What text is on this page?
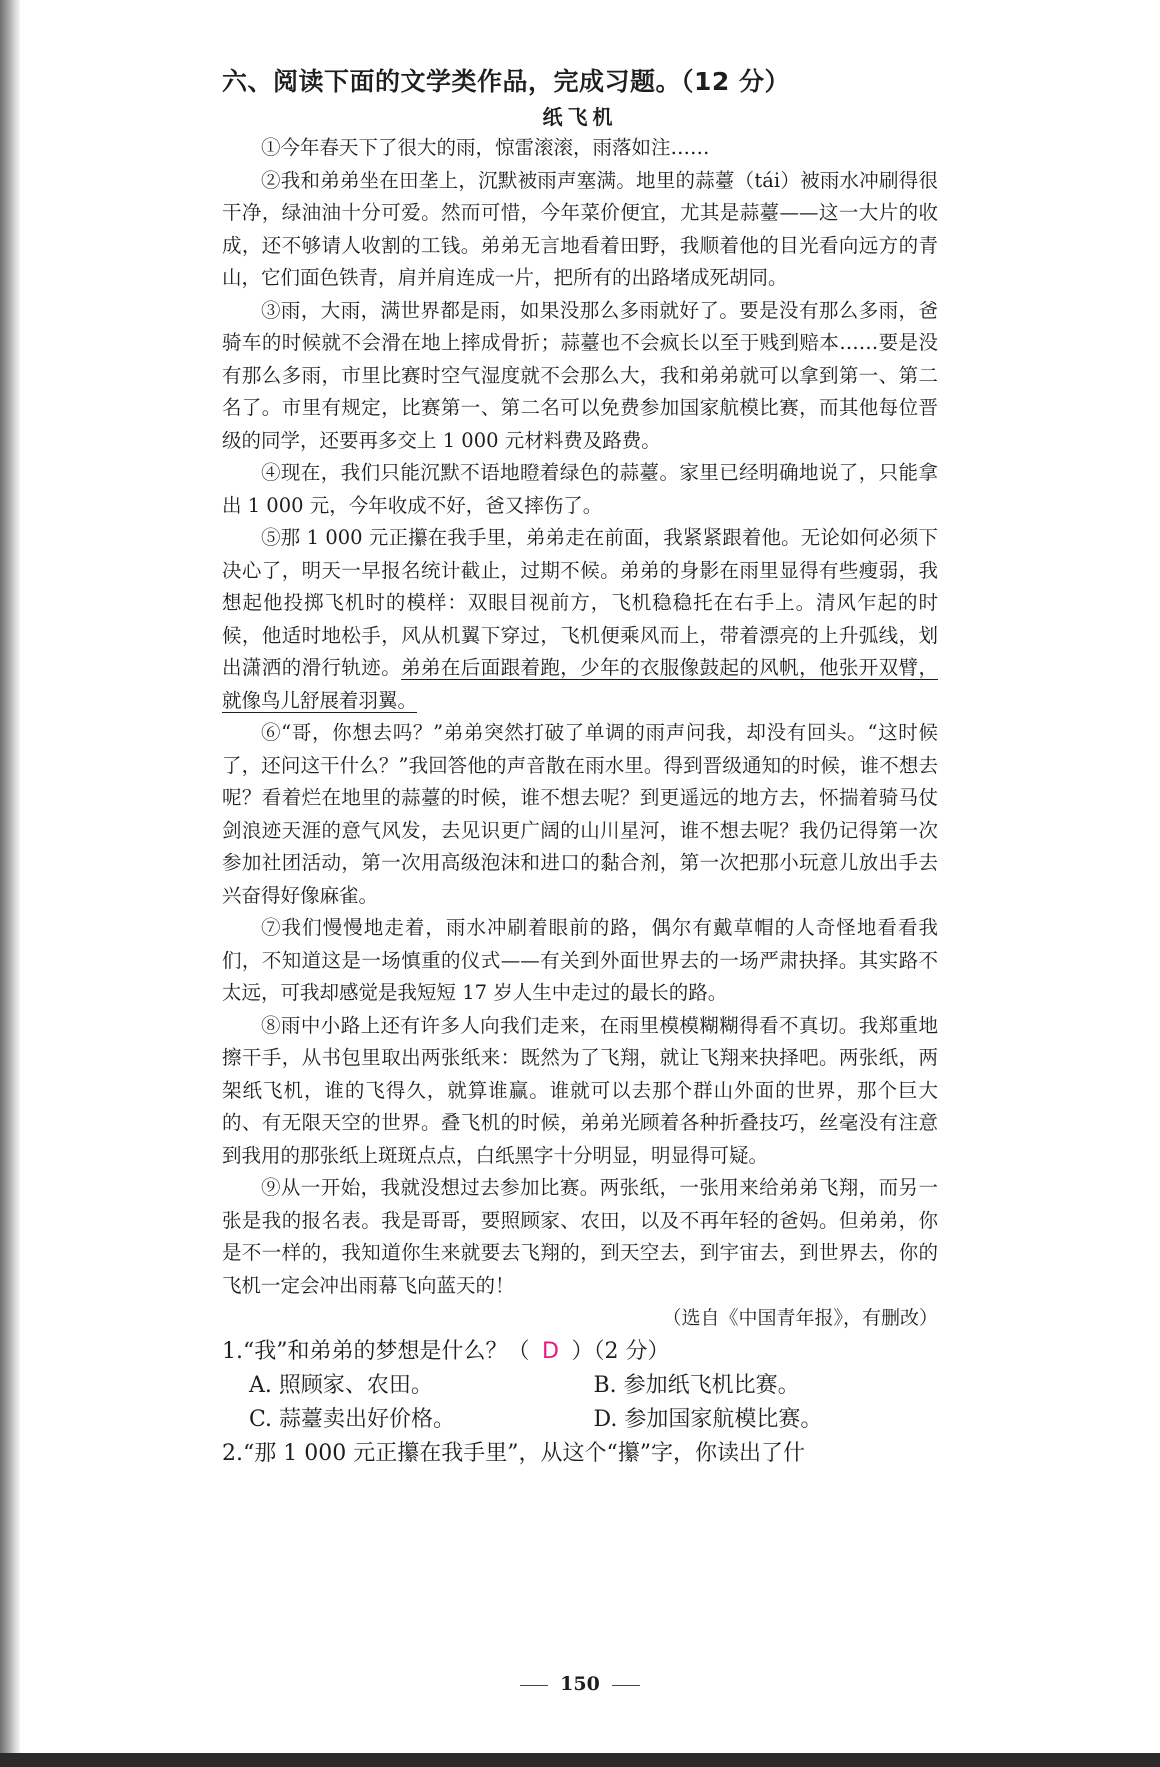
六、阅读下面的文学类作品，完成习题。（12 分）
纸飞机

①今年春天下了很大的雨，惊雷滚滚，雨落如注……

②我和弟弟坐在田垄上，沉默被雨声塞满。地里的蒜薹（tái）被雨水冲刷得很干净，绿油油十分可爱。然而可惜，今年菜价便宜，尤其是蒜薹——这一大片的收成，还不够请人收割的工钱。弟弟无言地看着田野，我顺着他的目光看向远方的青山，它们面色铁青，肩并肩连成一片，把所有的出路堵成死胡同。

③雨，大雨，满世界都是雨，如果没那么多雨就好了。要是没有那么多雨，爸骑车的时候就不会滑在地上摔成骨折；蒜薹也不会疯长以至于贱到赔本……要是没有那么多雨，市里比赛时空气湿度就不会那么大，我和弟弟就可以拿到第一、第二名了。市里有规定，比赛第一、第二名可以免费参加国家航模比赛，而其他每位晋级的同学，还要再多交上 1 000 元材料费及路费。

④现在，我们只能沉默不语地瞪着绿色的蒜薹。家里已经明确地说了，只能拿出 1 000 元，今年收成不好，爸又摔伤了。

⑤那 1 000 元正攥在我手里，弟弟走在前面，我紧紧跟着他。无论如何必须下决心了，明天一早报名统计截止，过期不候。弟弟的身影在雨里显得有些瘦弱，我想起他投掷飞机时的模样：双眼目视前方，飞机稳稳托在右手上。清风乍起的时候，他适时地松手，风从机翼下穿过，飞机便乘风而上，带着漂亮的上升弧线，划出潇洒的滑行轨迹。弟弟在后面跟着跑，少年的衣服像鼓起的风帆，他张开双臂，就像鸟儿舒展着羽翼。

⑥“哥，你想去吗？”弟弟突然打破了单调的雨声问我，却没有回头。“这时候了，还问这干什么？”我回答他的声音散在雨水里。得到晋级通知的时候，谁不想去呢？看着烂在地里的蒜薹的时候，谁不想去呢？到更遥远的地方去，怀揣着骑马仗剑浪迹天涯的意气风发，去见识更广阔的山川星河，谁不想去呢？我仍记得第一次参加社团活动，第一次用高级泡沫和进口的黏合剂，第一次把那小玩意儿放出手去兴奋得好像麻雀。

⑦我们慢慢地走着，雨水冲刷着眼前的路，偶尔有戴草帽的人奇怪地看看我们，不知道这是一场慎重的仪式——有关到外面世界去的一场严肃抉择。其实路不太远，可我却感觉是我短短 17 岁人生中走过的最长的路。

⑧雨中小路上还有许多人向我们走来，在雨里模模糊糊得看不真切。我郑重地擦干手，从书包里取出两张纸来：既然为了飞翔，就让飞翔来抉择吧。两张纸，两架纸飞机，谁的飞得久，就算谁赢。谁就可以去那个群山外面的世界，那个巨大的、有无限天空的世界。叠飞机的时候，弟弟光顾着各种折叠技巧，丝毫没有注意到我用的那张纸上斑斑点点，白纸黑字十分明显，明显得可疑。

⑨从一开始，我就没想过去参加比赛。两张纸，一张用来给弟弟飞翔，而另一张是我的报名表。我是哥哥，要照顾家、农田，以及不再年轻的爸妈。但弟弟，你是不一样的，我知道你生来就要去飞翔的，到天空去，到宇宙去，到世界去，你的飞机一定会冲出雨幕飞向蓝天的！

（选自《中国青年报》，有删改）
1.“我”和弟弟的梦想是什么？（ D ）（2 分）
A. 照顾家、农田。	B. 参加纸飞机比赛。
C. 蒜薹卖出好价格。	D. 参加国家航模比赛。
2.“那 1 000 元正攥在我手里”，从这个“攥”字，你读出了什
150
